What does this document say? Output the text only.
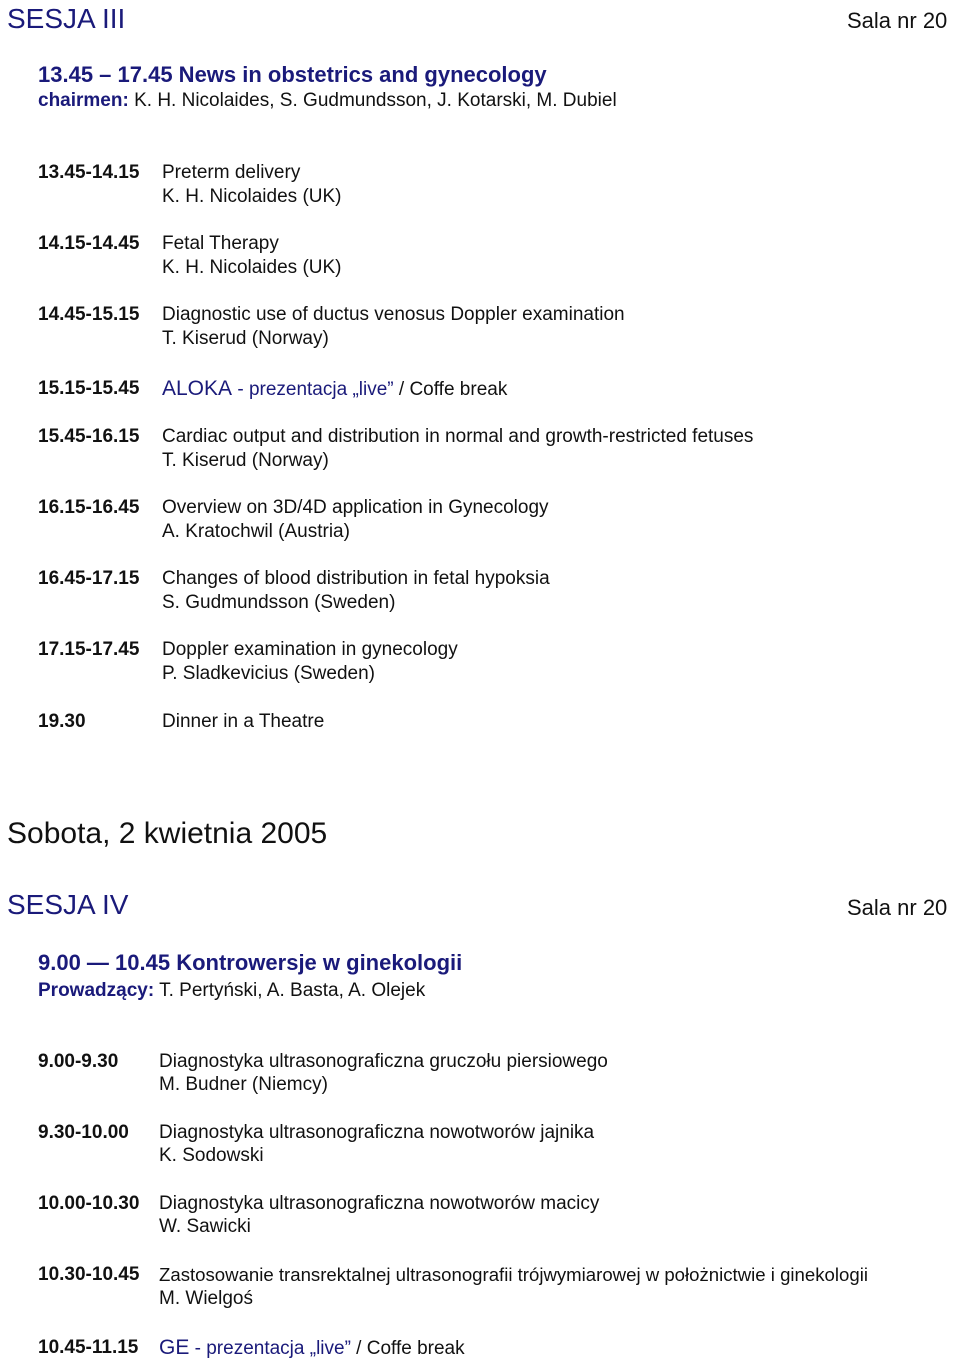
SESJA III	Sala nr 20
13.45 – 17.45 News in obstetrics and gynecology
chairmen: K. H. Nicolaides, S. Gudmundsson, J. Kotarski, M. Dubiel
13.45-14.15 Preterm delivery
K. H. Nicolaides (UK)
14.15-14.45 Fetal Therapy
K. H. Nicolaides (UK)
14.45-15.15 Diagnostic use of ductus venosus Doppler examination
T. Kiserud (Norway)
15.15-15.45 ALOKA - prezentacja „live” / Coffe break
15.45-16.15 Cardiac output and distribution in normal and growth-restricted fetuses
T. Kiserud (Norway)
16.15-16.45 Overview on 3D/4D application in Gynecology
A. Kratochwil (Austria)
16.45-17.15 Changes of blood distribution in fetal hypoksia
S. Gudmundsson (Sweden)
17.15-17.45 Doppler examination in gynecology
P. Sladkevicius (Sweden)
19.30	Dinner in a Theatre
Sobota, 2 kwietnia 2005
SESJA IV	Sala nr 20
9.00 — 10.45 Kontrowersje w ginekologii
Prowadzący: T. Pertyński, A. Basta, A. Olejek
9.00-9.30 Diagnostyka ultrasonograficzna gruczołu piersiowego
M. Budner (Niemcy)
9.30-10.00 Diagnostyka ultrasonograficzna nowotworów jajnika
K. Sodowski
10.00-10.30 Diagnostyka ultrasonograficzna nowotworów macicy
W. Sawicki
10.30-10.45 Zastosowanie transrektalnej ultrasonografii trójwymiarowej w położnictwie i ginekologii
M. Wielgoś
10.45-11.15 GE - prezentacja „live” / Coffe break
